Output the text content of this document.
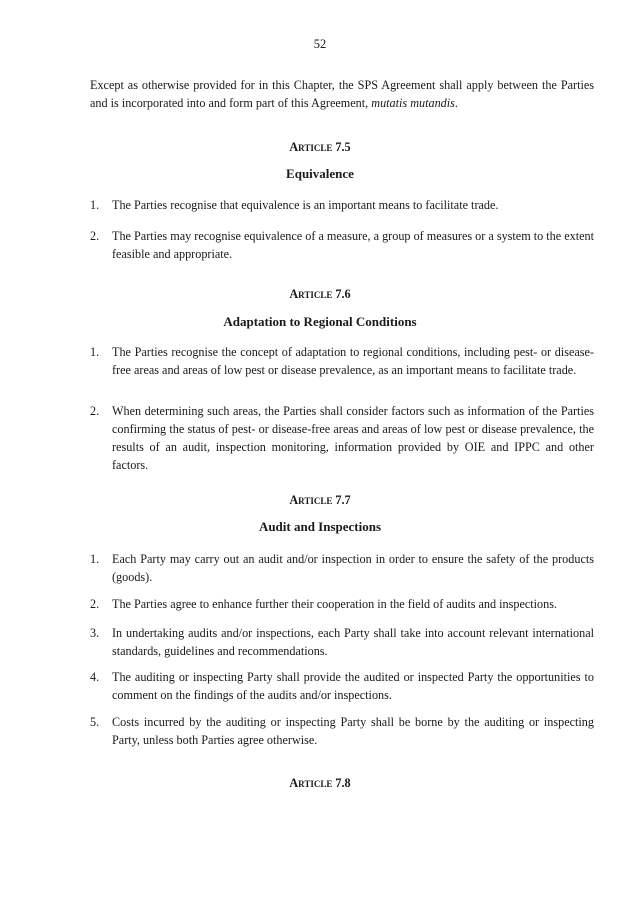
52

Except as otherwise provided for in this Chapter, the SPS Agreement shall apply between the Parties and is incorporated into and form part of this Agreement, mutatis mutandis.

Article 7.5

Equivalence

1.	The Parties recognise that equivalence is an important means to facilitate trade.
2.	The Parties may recognise equivalence of a measure, a group of measures or a system to the extent feasible and appropriate.

Article 7.6

Adaptation to Regional Conditions

1.	The Parties recognise the concept of adaptation to regional conditions, including pest- or disease-free areas and areas of low pest or disease prevalence, as an important means to facilitate trade.
2.	When determining such areas, the Parties shall consider factors such as information of the Parties confirming the status of pest- or disease-free areas and areas of low pest or disease prevalence, the results of an audit, inspection monitoring, information provided by OIE and IPPC and other factors.

Article 7.7

Audit and Inspections

1.	Each Party may carry out an audit and/or inspection in order to ensure the safety of the products (goods).
2.	The Parties agree to enhance further their cooperation in the field of audits and inspections.
3.	In undertaking audits and/or inspections, each Party shall take into account relevant international standards, guidelines and recommendations.
4.	The auditing or inspecting Party shall provide the audited or inspected Party the opportunities to comment on the findings of the audits and/or inspections.
5.	Costs incurred by the auditing or inspecting Party shall be borne by the auditing or inspecting Party, unless both Parties agree otherwise.

Article 7.8
